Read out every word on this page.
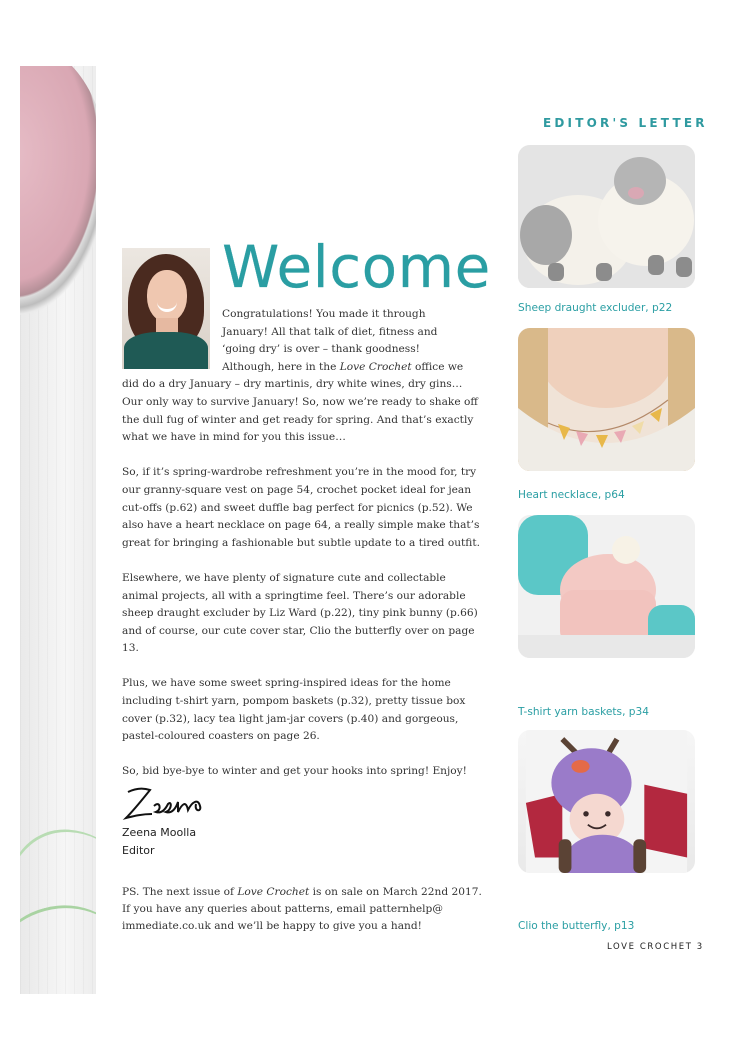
EDITOR'S LETTER
Welcome

Congratulations! You made it through
January! All that talk of diet, fitness and
‘going dry’ is over – thank goodness!
Although, here in the Love Crochet office we
did do a dry January – dry martinis, dry white wines, dry gins… Our only way to survive January! So, now we’re ready to shake off the dull fug of winter and get ready for spring. And that’s exactly what we have in mind for you this issue…

So, if it’s spring-wardrobe refreshment you’re in the mood for, try our granny-square vest on page 54, crochet pocket ideal for jean cut-offs (p.62) and sweet duffle bag perfect for picnics (p.52). We also have a heart necklace on page 64, a really simple make that’s great for bringing a fashionable but subtle update to a tired outfit.

Elsewhere, we have plenty of signature cute and collectable animal projects, all with a springtime feel. There’s our adorable sheep draught excluder by Liz Ward (p.22), tiny pink bunny (p.66) and of course, our cute cover star, Clio the butterfly over on page 13.

Plus, we have some sweet spring-inspired ideas for the home including t-shirt yarn, pompom baskets (p.32), pretty tissue box cover (p.32), lacy tea light jam-jar covers (p.40) and gorgeous, pastel-coloured coasters on page 26.

So, bid bye-bye to winter and get your hooks into spring! Enjoy!

Zeena Moolla
Editor
PS. The next issue of Love Crochet is on sale on March 22nd 2017. If you have any queries about patterns, email patternhelp@ immediate.co.uk and we’ll be happy to give you a hand!
Sheep draught excluder, p22
Heart necklace, p64
T-shirt yarn baskets, p34
Clio the butterfly, p13
LOVE CROCHET 3
